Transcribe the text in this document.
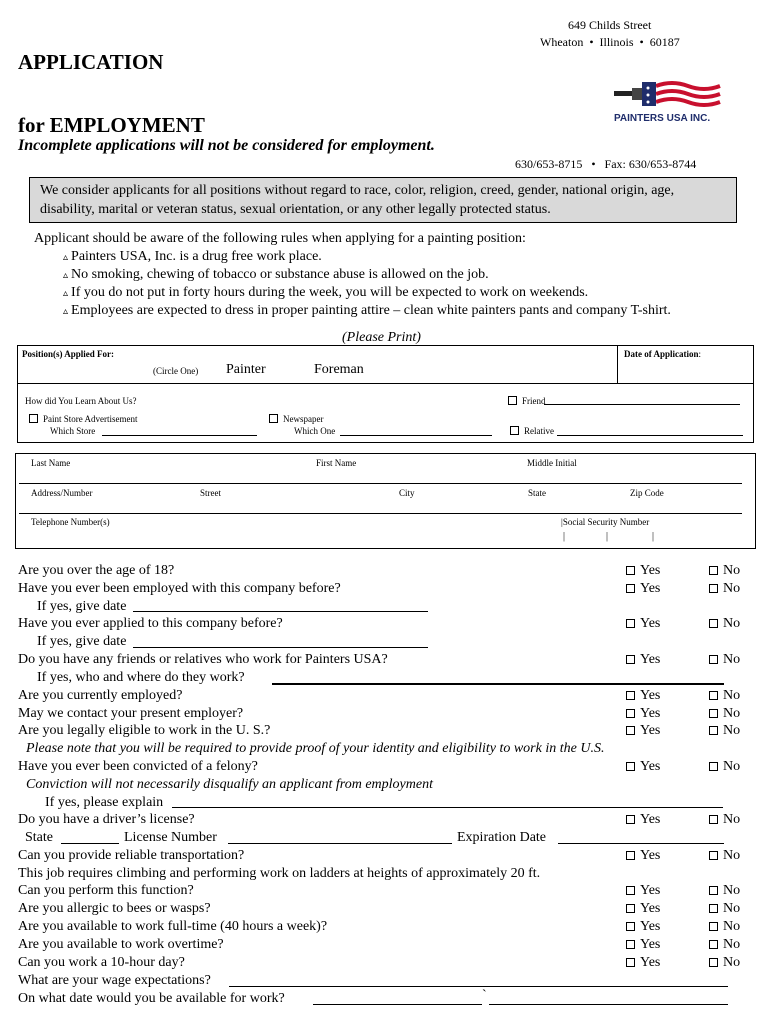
649 Childs Street
Wheaton  •  Illinois  •  60187
APPLICATION
for EMPLOYMENT
Incomplete applications will not be considered for employment.
PAINTERS USA INC.
630/653-8715   •   Fax: 630/653-8744
We consider applicants for all positions without regard to race, color, religion, creed, gender, national origin, age, disability, marital or veteran status, sexual orientation, or any other legally protected status.
Applicant should be aware of the following rules when applying for a painting position:
▵ Painters USA, Inc. is a drug free work place.
▵ No smoking, chewing of tobacco or substance abuse is allowed on the job.
▵ If you do not put in forty hours during the week, you will be expected to work on weekends.
▵ Employees are expected to dress in proper painting attire – clean white painters pants and company T-shirt.
(Please Print)
Position(s) Applied For:	Date of Application:
(Circle One) Painter	Foreman
How did You Learn About Us?	Friend
Paint Store Advertisement
Which Store
Newspaper
Which One	Relative
Last Name	First Name	Middle Initial
Address/Number	Street	City	State	Zip Code
Telephone Number(s)	|Social Security Number
|	|	|
Are you over the age of 18?	Yes	No
Have you ever been employed with this company before?	Yes	No
If yes, give date
Have you ever applied to this company before?	Yes	No
If yes, give date
Do you have any friends or relatives who work for Painters USA?	Yes	No
If yes, who and where do they work?
Are you currently employed?	Yes	No
May we contact your present employer?	Yes	No
Are you legally eligible to work in the U. S.?	Yes	No
Please note that you will be required to provide proof of your identity and eligibility to work in the U.S.
Have you ever been convicted of a felony?	Yes	No
Conviction will not necessarily disqualify an applicant from employment
If yes, please explain
Do you have a driver’s license?	Yes	No
State	License Number	Expiration Date
Can you provide reliable transportation?	Yes	No
This job requires climbing and performing work on ladders at heights of approximately 20 ft.
Can you perform this function?	Yes	No
Are you allergic to bees or wasps?	Yes	No
Are you available to work full-time (40 hours a week)?	Yes	No
Are you available to work overtime?	Yes	No
Can you work a 10-hour day?	Yes	No
What are your wage expectations?
On what date would you be available for work?	`
